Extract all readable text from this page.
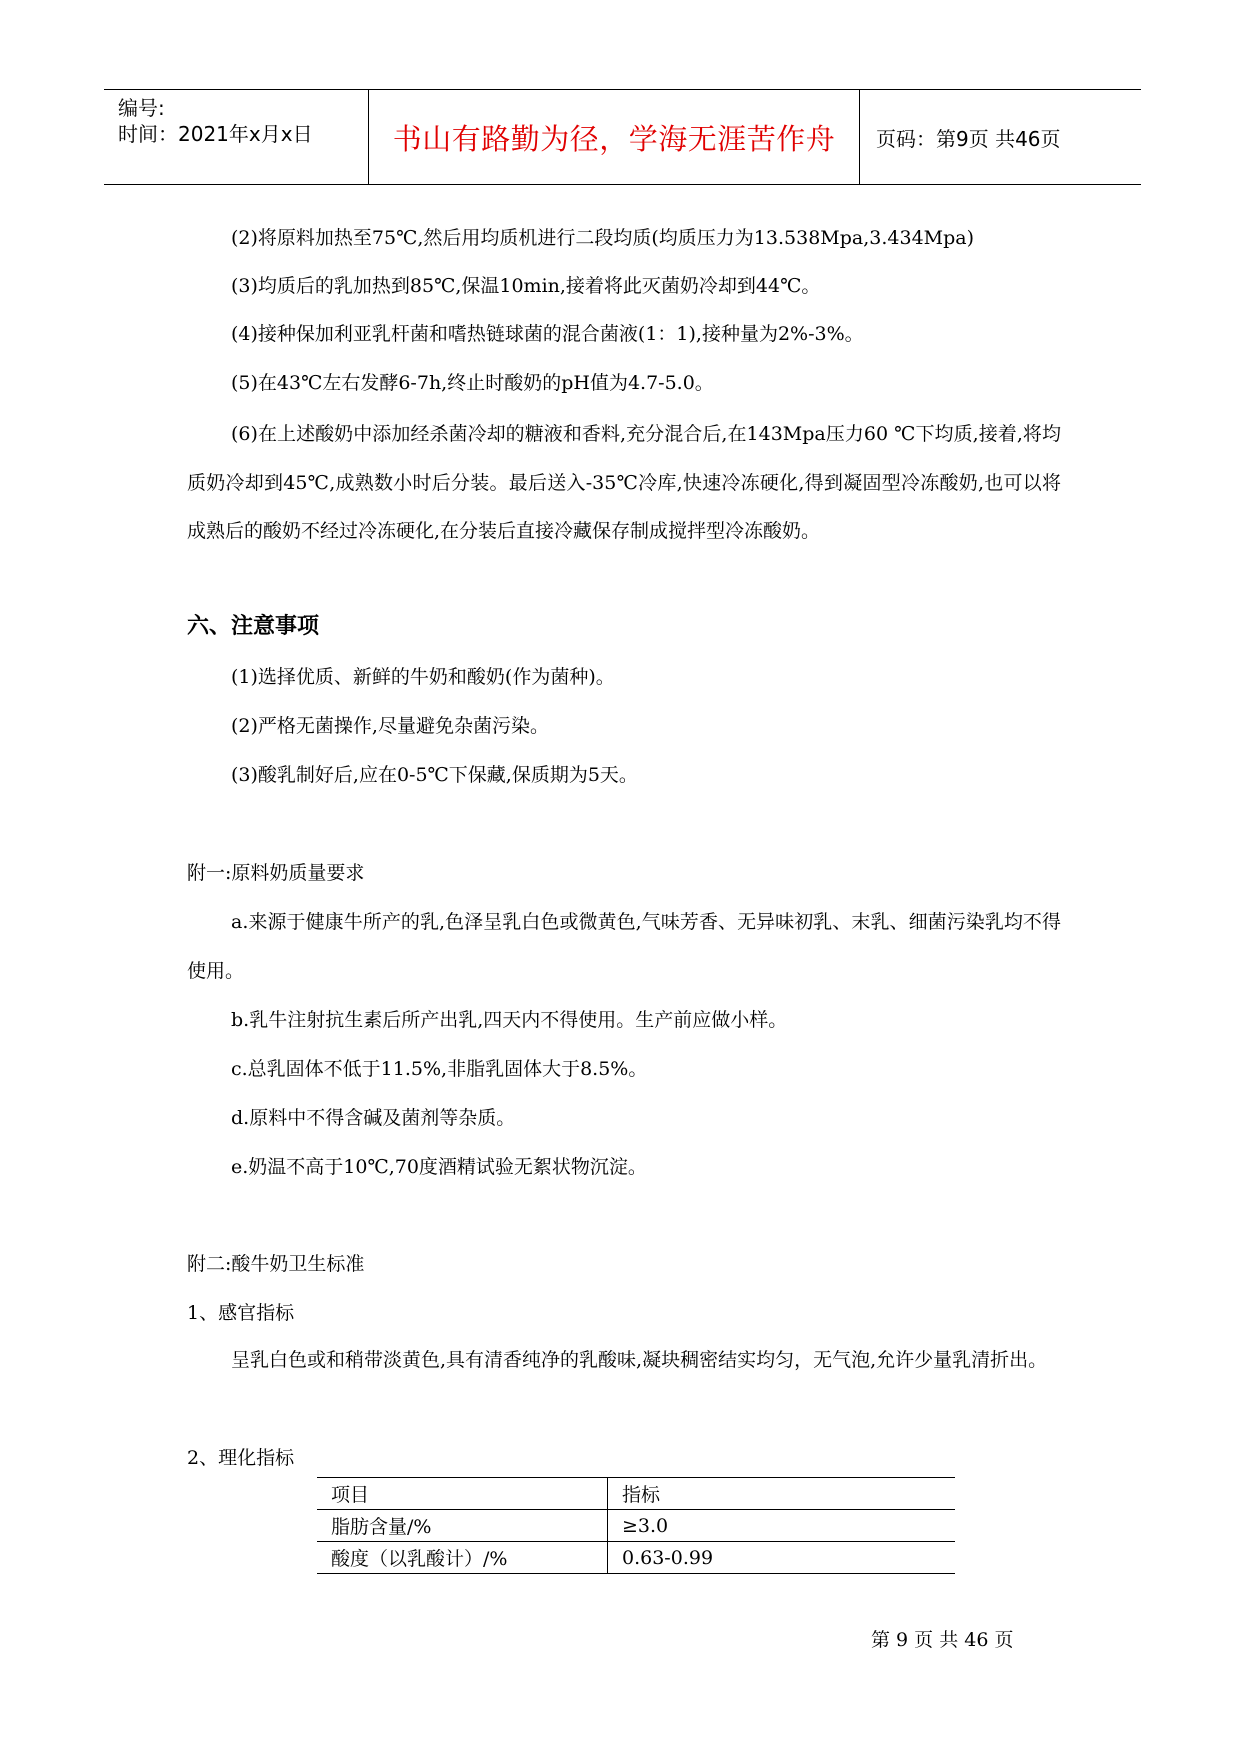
编号:
时间：2021年x月x日	书山有路勤为径，学海无涯苦作舟 页码：第9页 共46页

(2)将原料加热至75℃,然后用均质机进行二段均质(均质压力为13.538Mpa,3.434Mpa)

(3)均质后的乳加热到85℃,保温10min,接着将此灭菌奶冷却到44℃。

(4)接种保加利亚乳杆菌和嗜热链球菌的混合菌液(1：1),接种量为2%-3%。

(5)在43℃左右发酵6-7h,终止时酸奶的pH值为4.7-5.0。

(6)在上述酸奶中添加经杀菌冷却的糖液和香料,充分混合后,在143Mpa压力60 ℃下均质,接着,将均质奶冷却到45℃,成熟数小时后分装。最后送入-35℃冷库,快速冷冻硬化,得到凝固型冷冻酸奶,也可以将成熟后的酸奶不经过冷冻硬化,在分装后直接冷藏保存制成搅拌型冷冻酸奶。

六、注意事项

(1)选择优质、新鲜的牛奶和酸奶(作为菌种)。

(2)严格无菌操作,尽量避免杂菌污染。

(3)酸乳制好后,应在0-5℃下保藏,保质期为5天。

附一:原料奶质量要求

a.来源于健康牛所产的乳,色泽呈乳白色或微黄色,气味芳香、无异味初乳、末乳、细菌污染乳均不得使用。

b.乳牛注射抗生素后所产出乳,四天内不得使用。生产前应做小样。

c.总乳固体不低于11.5%,非脂乳固体大于8.5%。

d.原料中不得含碱及菌剂等杂质。

e.奶温不高于10℃,70度酒精试验无絮状物沉淀。

附二:酸牛奶卫生标准

1、感官指标

呈乳白色或和稍带淡黄色,具有清香纯净的乳酸味,凝块稠密结实均匀，无气泡,允许少量乳清折出。

2、理化指标

项目	指标
脂肪含量/%	≥3.0
酸度（以乳酸计）/%	0.63-0.99
第 9 页 共 46 页
